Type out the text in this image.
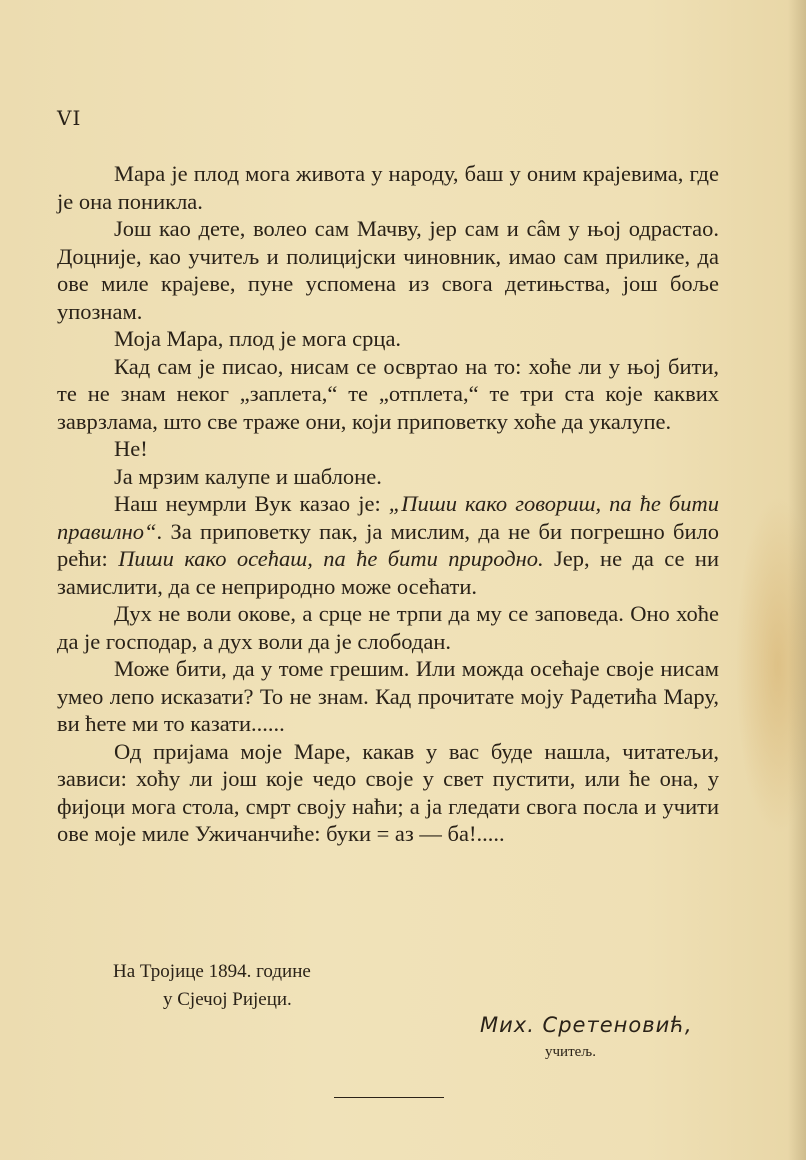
VI

Мара је плод мога живота у народу, баш у оним крајевима, где је она поникла.

Још као дете, волео сам Мачву, јер сам и сâм у њој одрастао. Доцније, као учитељ и полицијски чиновник, имао сам прилике, да ове миле крајеве, пуне успомена из свога детињства, још боље упознам.

Моја Мара, плод је мога срца.

Кад сам је писао, нисам се освртао на то: хоће ли у њој бити, те не знам неког „заплета,“ те „отплета,“ те три ста које каквих заврзлама, што све траже они, који приповетку хоће да укалупе.

Не!

Ја мрзим калупе и шаблоне.

Наш неумрли Вук казао је: „Пиши како говориш, па ће бити правилно“. За приповетку пак, ја мислим, да не би погрешно било рећи: Пиши како осећаш, па ће бити природно. Јер, не да се ни замислити, да се неприродно може осећати.

Дух не воли окове, а срце не трпи да му се заповеда. Оно хоће да је господар, а дух воли да је слободан.

Може бити, да у томе грешим. Или можда осећаје своје нисам умео лепо исказати? То не знам. Кад прочитате моју Радетића Мару, ви ћете ми то казати......

Од пријама моје Маре, какав у вас буде нашла, читатељи, зависи: хоћу ли још које чедо своје у свет пустити, или ће она, у фијоци мога стола, смрт своју наћи; а ја гледати свога посла и учити ове моје миле Ужичанчиће: буки = аз — ба!.....

На Тројице 1894. године
у Сјечој Ријеци.
Мих. Сретеновић,
учитељ.
